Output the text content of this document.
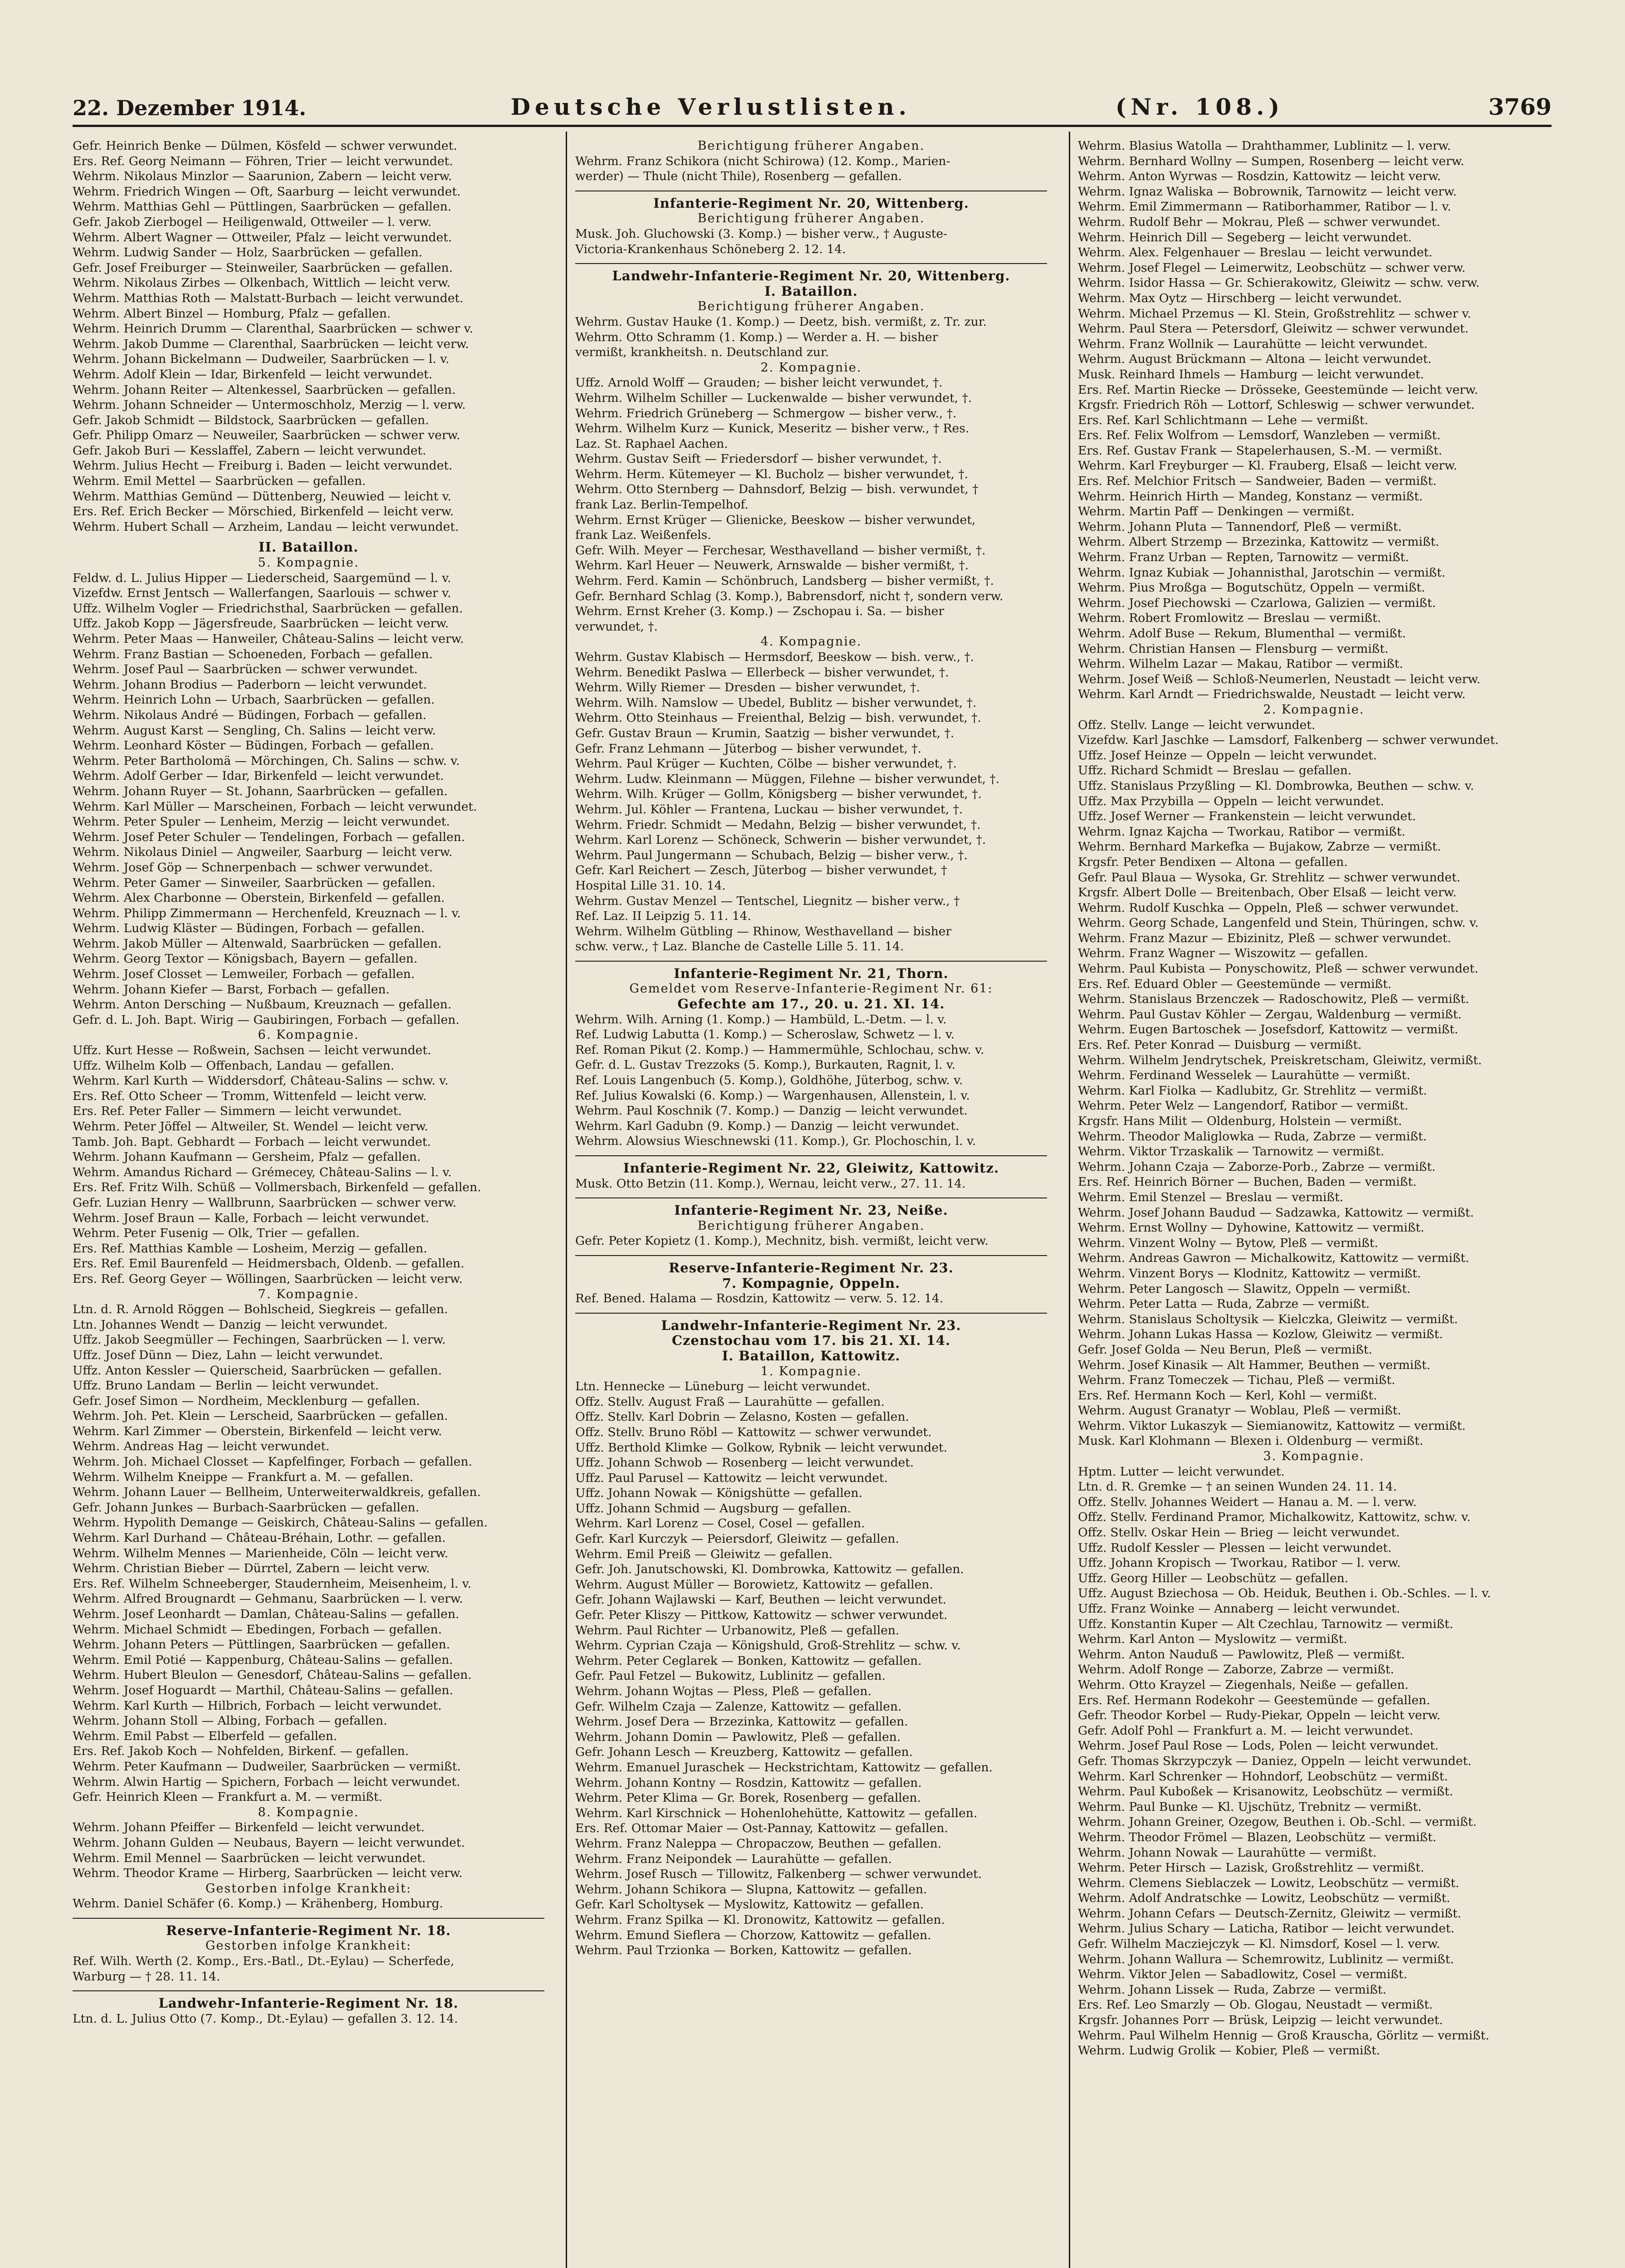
22. Dezember 1914.	Deutsche Verlustlisten.	(Nr. 108.)	3769
Gefr. Heinrich Benke — Dülmen, Kösfeld — schwer verwundet.
Ers. Ref. Georg Neimann — Föhren, Trier — leicht verwundet.
Wehrm. Nikolaus Minzlor — Saarunion, Zabern — leicht verw.
Wehrm. Friedrich Wingen — Oft, Saarburg — leicht verwundet.
Wehrm. Matthias Gehl — Püttlingen, Saarbrücken — gefallen.
Gefr. Jakob Zierbogel — Heiligenwald, Ottweiler — l. verw.
Wehrm. Albert Wagner — Ottweiler, Pfalz — leicht verwundet.
Wehrm. Ludwig Sander — Holz, Saarbrücken — gefallen.
Gefr. Josef Freiburger — Steinweiler, Saarbrücken — gefallen.
Wehrm. Nikolaus Zirbes — Olkenbach, Wittlich — leicht verw.
Wehrm. Matthias Roth — Malstatt-Burbach — leicht verwundet.
Wehrm. Albert Binzel — Homburg, Pfalz — gefallen.
Wehrm. Heinrich Drumm — Clarenthal, Saarbrücken — schwer v.
Wehrm. Jakob Dumme — Clarenthal, Saarbrücken — leicht verw.
Wehrm. Johann Bickelmann — Dudweiler, Saarbrücken — l. v.
Wehrm. Adolf Klein — Idar, Birkenfeld — leicht verwundet.
Wehrm. Johann Reiter — Altenkessel, Saarbrücken — gefallen.
Wehrm. Johann Schneider — Untermoschholz, Merzig — l. verw.
Gefr. Jakob Schmidt — Bildstock, Saarbrücken — gefallen.
Gefr. Philipp Omarz — Neuweiler, Saarbrücken — schwer verw.
Gefr. Jakob Buri — Kesslaffel, Zabern — leicht verwundet.
Wehrm. Julius Hecht — Freiburg i. Baden — leicht verwundet.
Wehrm. Emil Mettel — Saarbrücken — gefallen.
Wehrm. Matthias Gemünd — Düttenberg, Neuwied — leicht v.
Ers. Ref. Erich Becker — Mörschied, Birkenfeld — leicht verw.
Wehrm. Hubert Schall — Arzheim, Landau — leicht verwundet.
II. Bataillon.
5. Kompagnie.
Feldw. d. L. Julius Hipper — Liederscheid, Saargemünd — l. v.
Vizefdw. Ernst Jentsch — Wallerfangen, Saarlouis — schwer v.
Uffz. Wilhelm Vogler — Friedrichsthal, Saarbrücken — gefallen.
Uffz. Jakob Kopp — Jägersfreude, Saarbrücken — leicht verw.
Wehrm. Peter Maas — Hanweiler, Château-Salins — leicht verw.
Wehrm. Franz Bastian — Schoeneden, Forbach — gefallen.
Wehrm. Josef Paul — Saarbrücken — schwer verwundet.
Wehrm. Johann Brodius — Paderborn — leicht verwundet.
Wehrm. Heinrich Lohn — Urbach, Saarbrücken — gefallen.
Wehrm. Nikolaus André — Büdingen, Forbach — gefallen.
Wehrm. August Karst — Sengling, Ch. Salins — leicht verw.
Wehrm. Leonhard Köster — Büdingen, Forbach — gefallen.
Wehrm. Peter Bartholomä — Mörchingen, Ch. Salins — schw. v.
Wehrm. Adolf Gerber — Idar, Birkenfeld — leicht verwundet.
Wehrm. Johann Ruyer — St. Johann, Saarbrücken — gefallen.
Wehrm. Karl Müller — Marscheinen, Forbach — leicht verwundet.
Wehrm. Peter Spuler — Lenheim, Merzig — leicht verwundet.
Wehrm. Josef Peter Schuler — Tendelingen, Forbach — gefallen.
Wehrm. Nikolaus Diniel — Angweiler, Saarburg — leicht verw.
Wehrm. Josef Göp — Schnerpenbach — schwer verwundet.
Wehrm. Peter Gamer — Sinweiler, Saarbrücken — gefallen.
Wehrm. Alex Charbonne — Oberstein, Birkenfeld — gefallen.
Wehrm. Philipp Zimmermann — Herchenfeld, Kreuznach — l. v.
Wehrm. Ludwig Kläster — Büdingen, Forbach — gefallen.
Wehrm. Jakob Müller — Altenwald, Saarbrücken — gefallen.
Wehrm. Georg Textor — Königsbach, Bayern — gefallen.
Wehrm. Josef Closset — Lemweiler, Forbach — gefallen.
Wehrm. Johann Kiefer — Barst, Forbach — gefallen.
Wehrm. Anton Dersching — Nußbaum, Kreuznach — gefallen.
Gefr. d. L. Joh. Bapt. Wirig — Gaubiringen, Forbach — gefallen.
6. Kompagnie.
Uffz. Kurt Hesse — Roßwein, Sachsen — leicht verwundet.
Uffz. Wilhelm Kolb — Offenbach, Landau — gefallen.
Wehrm. Karl Kurth — Widdersdorf, Château-Salins — schw. v.
Ers. Ref. Otto Scheer — Tromm, Wittenfeld — leicht verw.
Ers. Ref. Peter Faller — Simmern — leicht verwundet.
Wehrm. Peter Jöffel — Altweiler, St. Wendel — leicht verw.
Tamb. Joh. Bapt. Gebhardt — Forbach — leicht verwundet.
Wehrm. Johann Kaufmann — Gersheim, Pfalz — gefallen.
Wehrm. Amandus Richard — Grémecey, Château-Salins — l. v.
Ers. Ref. Fritz Wilh. Schüß — Vollmersbach, Birkenfeld — gefallen.
Gefr. Luzian Henry — Wallbrunn, Saarbrücken — schwer verw.
Wehrm. Josef Braun — Kalle, Forbach — leicht verwundet.
Wehrm. Peter Fusenig — Olk, Trier — gefallen.
Ers. Ref. Matthias Kamble — Losheim, Merzig — gefallen.
Ers. Ref. Emil Baurenfeld — Heidmersbach, Oldenb. — gefallen.
Ers. Ref. Georg Geyer — Wöllingen, Saarbrücken — leicht verw.
7. Kompagnie.
Ltn. d. R. Arnold Röggen — Bohlscheid, Siegkreis — gefallen.
Ltn. Johannes Wendt — Danzig — leicht verwundet.
Uffz. Jakob Seegmüller — Fechingen, Saarbrücken — l. verw.
Uffz. Josef Dünn — Diez, Lahn — leicht verwundet.
Uffz. Anton Kessler — Quierscheid, Saarbrücken — gefallen.
Uffz. Bruno Landam — Berlin — leicht verwundet.
Gefr. Josef Simon — Nordheim, Mecklenburg — gefallen.
Wehrm. Joh. Pet. Klein — Lerscheid, Saarbrücken — gefallen.
Wehrm. Karl Zimmer — Oberstein, Birkenfeld — leicht verw.
Wehrm. Andreas Hag — leicht verwundet.
Wehrm. Joh. Michael Closset — Kapfelfinger, Forbach — gefallen.
Wehrm. Wilhelm Kneippe — Frankfurt a. M. — gefallen.
Wehrm. Johann Lauer — Bellheim, Unterweiterwaldkreis, gefallen.
Gefr. Johann Junkes — Burbach-Saarbrücken — gefallen.
Wehrm. Hypolith Demange — Geiskirch, Château-Salins — gefallen.
Wehrm. Karl Durhand — Château-Bréhain, Lothr. — gefallen.
Wehrm. Wilhelm Mennes — Marienheide, Cöln — leicht verw.
Wehrm. Christian Bieber — Dürrtel, Zabern — leicht verw.
Ers. Ref. Wilhelm Schneeberger, Staudernheim, Meisenheim, l. v.
Wehrm. Alfred Brougnardt — Gehmanu, Saarbrücken — l. verw.
Wehrm. Josef Leonhardt — Damlan, Château-Salins — gefallen.
Wehrm. Michael Schmidt — Ebedingen, Forbach — gefallen.
Wehrm. Johann Peters — Püttlingen, Saarbrücken — gefallen.
Wehrm. Emil Potié — Kappenburg, Château-Salins — gefallen.
Wehrm. Hubert Bleulon — Genesdorf, Château-Salins — gefallen.
Wehrm. Josef Hoguardt — Marthil, Château-Salins — gefallen.
Wehrm. Karl Kurth — Hilbrich, Forbach — leicht verwundet.
Wehrm. Johann Stoll — Albing, Forbach — gefallen.
Wehrm. Emil Pabst — Elberfeld — gefallen.
Ers. Ref. Jakob Koch — Nohfelden, Birkenf. — gefallen.
Wehrm. Peter Kaufmann — Dudweiler, Saarbrücken — vermißt.
Wehrm. Alwin Hartig — Spichern, Forbach — leicht verwundet.
Gefr. Heinrich Kleen — Frankfurt a. M. — vermißt.
8. Kompagnie.
Wehrm. Johann Pfeiffer — Birkenfeld — leicht verwundet.
Wehrm. Johann Gulden — Neubaus, Bayern — leicht verwundet.
Wehrm. Emil Mennel — Saarbrücken — leicht verwundet.
Wehrm. Theodor Krame — Hirberg, Saarbrücken — leicht verw.
Gestorben infolge Krankheit:
Wehrm. Daniel Schäfer (6. Komp.) — Krähenberg, Homburg.
Reserve-Infanterie-Regiment Nr. 18.
Gestorben infolge Krankheit:
Ref. Wilh. Werth (2. Komp., Ers.-Batl., Dt.-Eylau) — Scherfede,
Warburg — † 28. 11. 14.
Landwehr-Infanterie-Regiment Nr. 18.
Ltn. d. L. Julius Otto (7. Komp., Dt.-Eylau) — gefallen 3. 12. 14.
Berichtigung früherer Angaben.
Wehrm. Franz Schikora (nicht Schirowa) (12. Komp., Marien-
werder) — Thule (nicht Thile), Rosenberg — gefallen.
Infanterie-Regiment Nr. 20, Wittenberg.
Berichtigung früherer Angaben.
Musk. Joh. Gluchowski (3. Komp.) — bisher verw., † Auguste-
Victoria-Krankenhaus Schöneberg 2. 12. 14.
Landwehr-Infanterie-Regiment Nr. 20, Wittenberg.
I. Bataillon.
Berichtigung früherer Angaben.
Wehrm. Gustav Hauke (1. Komp.) — Deetz, bish. vermißt, z. Tr. zur.
Wehrm. Otto Schramm (1. Komp.) — Werder a. H. — bisher
vermißt, krankheitsh. n. Deutschland zur.
2. Kompagnie.
Uffz. Arnold Wolff — Grauden; — bisher leicht verwundet, †.
Wehrm. Wilhelm Schiller — Luckenwalde — bisher verwundet, †.
Wehrm. Friedrich Grüneberg — Schmergow — bisher verw., †.
Wehrm. Wilhelm Kurz — Kunick, Meseritz — bisher verw., † Res.
Laz. St. Raphael Aachen.
Wehrm. Gustav Seift — Friedersdorf — bisher verwundet, †.
Wehrm. Herm. Kütemeyer — Kl. Bucholz — bisher verwundet, †.
Wehrm. Otto Sternberg — Dahnsdorf, Belzig — bish. verwundet, †
frank Laz. Berlin-Tempelhof.
Wehrm. Ernst Krüger — Glienicke, Beeskow — bisher verwundet,
frank Laz. Weißenfels.
Gefr. Wilh. Meyer — Ferchesar, Westhavelland — bisher vermißt, †.
Wehrm. Karl Heuer — Neuwerk, Arnswalde — bisher vermißt, †.
Wehrm. Ferd. Kamin — Schönbruch, Landsberg — bisher vermißt, †.
Gefr. Bernhard Schlag (3. Komp.), Babrensdorf, nicht †, sondern verw.
Wehrm. Ernst Kreher (3. Komp.) — Zschopau i. Sa. — bisher
verwundet, †.
4. Kompagnie.
Wehrm. Gustav Klabisch — Hermsdorf, Beeskow — bish. verw., †.
Wehrm. Benedikt Paslwa — Ellerbeck — bisher verwundet, †.
Wehrm. Willy Riemer — Dresden — bisher verwundet, †.
Wehrm. Wilh. Namslow — Ubedel, Bublitz — bisher verwundet, †.
Wehrm. Otto Steinhaus — Freienthal, Belzig — bish. verwundet, †.
Gefr. Gustav Braun — Krumin, Saatzig — bisher verwundet, †.
Gefr. Franz Lehmann — Jüterbog — bisher verwundet, †.
Wehrm. Paul Krüger — Kuchten, Cölbe — bisher verwundet, †.
Wehrm. Ludw. Kleinmann — Müggen, Filehne — bisher verwundet, †.
Wehrm. Wilh. Krüger — Gollm, Königsberg — bisher verwundet, †.
Wehrm. Jul. Köhler — Frantena, Luckau — bisher verwundet, †.
Wehrm. Friedr. Schmidt — Medahn, Belzig — bisher verwundet, †.
Wehrm. Karl Lorenz — Schöneck, Schwerin — bisher verwundet, †.
Wehrm. Paul Jungermann — Schubach, Belzig — bisher verw., †.
Gefr. Karl Reichert — Zesch, Jüterbog — bisher verwundet, †
Hospital Lille 31. 10. 14.
Wehrm. Gustav Menzel — Tentschel, Liegnitz — bisher verw., †
Ref. Laz. II Leipzig 5. 11. 14.
Wehrm. Wilhelm Gütbling — Rhinow, Westhavelland — bisher
schw. verw., † Laz. Blanche de Castelle Lille 5. 11. 14.
Infanterie-Regiment Nr. 21, Thorn.
Gemeldet vom Reserve-Infanterie-Regiment Nr. 61:
Gefechte am 17., 20. u. 21. XI. 14.
Wehrm. Wilh. Arning (1. Komp.) — Hambüld, L.-Detm. — l. v.
Ref. Ludwig Labutta (1. Komp.) — Scheroslaw, Schwetz — l. v.
Ref. Roman Pikut (2. Komp.) — Hammermühle, Schlochau, schw. v.
Gefr. d. L. Gustav Trezzoks (5. Komp.), Burkauten, Ragnit, l. v.
Ref. Louis Langenbuch (5. Komp.), Goldhöhe, Jüterbog, schw. v.
Ref. Julius Kowalski (6. Komp.) — Wargenhausen, Allenstein, l. v.
Wehrm. Paul Koschnik (7. Komp.) — Danzig — leicht verwundet.
Wehrm. Karl Gadubn (9. Komp.) — Danzig — leicht verwundet.
Wehrm. Alowsius Wieschnewski (11. Komp.), Gr. Plochoschin, l. v.
Infanterie-Regiment Nr. 22, Gleiwitz, Kattowitz.
Musk. Otto Betzin (11. Komp.), Wernau, leicht verw., 27. 11. 14.
Infanterie-Regiment Nr. 23, Neiße.
Berichtigung früherer Angaben.
Gefr. Peter Kopietz (1. Komp.), Mechnitz, bish. vermißt, leicht verw.
Reserve-Infanterie-Regiment Nr. 23.
7. Kompagnie, Oppeln.
Ref. Bened. Halama — Rosdzin, Kattowitz — verw. 5. 12. 14.
Landwehr-Infanterie-Regiment Nr. 23.
Czenstochau vom 17. bis 21. XI. 14.
I. Bataillon, Kattowitz.
1. Kompagnie.
Ltn. Hennecke — Lüneburg — leicht verwundet.
Offz. Stellv. August Fraß — Laurahütte — gefallen.
Offz. Stellv. Karl Dobrin — Zelasno, Kosten — gefallen.
Offz. Stellv. Bruno Röbl — Kattowitz — schwer verwundet.
Uffz. Berthold Klimke — Golkow, Rybnik — leicht verwundet.
Uffz. Johann Schwob — Rosenberg — leicht verwundet.
Uffz. Paul Parusel — Kattowitz — leicht verwundet.
Uffz. Johann Nowak — Königshütte — gefallen.
Uffz. Johann Schmid — Augsburg — gefallen.
Wehrm. Karl Lorenz — Cosel, Cosel — gefallen.
Gefr. Karl Kurczyk — Peiersdorf, Gleiwitz — gefallen.
Wehrm. Emil Preiß — Gleiwitz — gefallen.
Gefr. Joh. Janutschowski, Kl. Dombrowka, Kattowitz — gefallen.
Wehrm. August Müller — Borowietz, Kattowitz — gefallen.
Gefr. Johann Wajlawski — Karf, Beuthen — leicht verwundet.
Gefr. Peter Kliszy — Pittkow, Kattowitz — schwer verwundet.
Wehrm. Paul Richter — Urbanowitz, Pleß — gefallen.
Wehrm. Cyprian Czaja — Königshuld, Groß-Strehlitz — schw. v.
Wehrm. Peter Ceglarek — Bonken, Kattowitz — gefallen.
Gefr. Paul Fetzel — Bukowitz, Lublinitz — gefallen.
Wehrm. Johann Wojtas — Pless, Pleß — gefallen.
Gefr. Wilhelm Czaja — Zalenze, Kattowitz — gefallen.
Wehrm. Josef Dera — Brzezinka, Kattowitz — gefallen.
Wehrm. Johann Domin — Pawlowitz, Pleß — gefallen.
Gefr. Johann Lesch — Kreuzberg, Kattowitz — gefallen.
Wehrm. Emanuel Juraschek — Heckstrichtam, Kattowitz — gefallen.
Wehrm. Johann Kontny — Rosdzin, Kattowitz — gefallen.
Wehrm. Peter Klima — Gr. Borek, Rosenberg — gefallen.
Wehrm. Karl Kirschnick — Hohenlohehütte, Kattowitz — gefallen.
Ers. Ref. Ottomar Maier — Ost-Pannay, Kattowitz — gefallen.
Wehrm. Franz Naleppa — Chropaczow, Beuthen — gefallen.
Wehrm. Franz Neipondek — Laurahütte — gefallen.
Wehrm. Josef Rusch — Tillowitz, Falkenberg — schwer verwundet.
Wehrm. Johann Schikora — Slupna, Kattowitz — gefallen.
Gefr. Karl Scholtysek — Myslowitz, Kattowitz — gefallen.
Wehrm. Franz Spilka — Kl. Dronowitz, Kattowitz — gefallen.
Wehrm. Emund Sieflera — Chorzow, Kattowitz — gefallen.
Wehrm. Paul Trzionka — Borken, Kattowitz — gefallen.
Wehrm. Blasius Watolla — Drahthammer, Lublinitz — l. verw.
Wehrm. Bernhard Wollny — Sumpen, Rosenberg — leicht verw.
Wehrm. Anton Wyrwas — Rosdzin, Kattowitz — leicht verw.
Wehrm. Ignaz Waliska — Bobrownik, Tarnowitz — leicht verw.
Wehrm. Emil Zimmermann — Ratiborhammer, Ratibor — l. v.
Wehrm. Rudolf Behr — Mokrau, Pleß — schwer verwundet.
Wehrm. Heinrich Dill — Segeberg — leicht verwundet.
Wehrm. Alex. Felgenhauer — Breslau — leicht verwundet.
Wehrm. Josef Flegel — Leimerwitz, Leobschütz — schwer verw.
Wehrm. Isidor Hassa — Gr. Schierakowitz, Gleiwitz — schw. verw.
Wehrm. Max Oytz — Hirschberg — leicht verwundet.
Wehrm. Michael Przemus — Kl. Stein, Großstrehlitz — schwer v.
Wehrm. Paul Stera — Petersdorf, Gleiwitz — schwer verwundet.
Wehrm. Franz Wollnik — Laurahütte — leicht verwundet.
Wehrm. August Brückmann — Altona — leicht verwundet.
Musk. Reinhard Ihmels — Hamburg — leicht verwundet.
Ers. Ref. Martin Riecke — Drösseke, Geestemünde — leicht verw.
Krgsfr. Friedrich Röh — Lottorf, Schleswig — schwer verwundet.
Ers. Ref. Karl Schlichtmann — Lehe — vermißt.
Ers. Ref. Felix Wolfrom — Lemsdorf, Wanzleben — vermißt.
Ers. Ref. Gustav Frank — Stapelerhausen, S.-M. — vermißt.
Wehrm. Karl Freyburger — Kl. Frauberg, Elsaß — leicht verw.
Ers. Ref. Melchior Fritsch — Sandweier, Baden — vermißt.
Wehrm. Heinrich Hirth — Mandeg, Konstanz — vermißt.
Wehrm. Martin Paff — Denkingen — vermißt.
Wehrm. Johann Pluta — Tannendorf, Pleß — vermißt.
Wehrm. Albert Strzemp — Brzezinka, Kattowitz — vermißt.
Wehrm. Franz Urban — Repten, Tarnowitz — vermißt.
Wehrm. Ignaz Kubiak — Johannisthal, Jarotschin — vermißt.
Wehrm. Pius Mroßga — Bogutschütz, Oppeln — vermißt.
Wehrm. Josef Piechowski — Czarlowa, Galizien — vermißt.
Wehrm. Robert Fromlowitz — Breslau — vermißt.
Wehrm. Adolf Buse — Rekum, Blumenthal — vermißt.
Wehrm. Christian Hansen — Flensburg — vermißt.
Wehrm. Wilhelm Lazar — Makau, Ratibor — vermißt.
Wehrm. Josef Weiß — Schloß-Neumerlen, Neustadt — leicht verw.
Wehrm. Karl Arndt — Friedrichswalde, Neustadt — leicht verw.
2. Kompagnie.
Offz. Stellv. Lange — leicht verwundet.
Vizefdw. Karl Jaschke — Lamsdorf, Falkenberg — schwer verwundet.
Uffz. Josef Heinze — Oppeln — leicht verwundet.
Uffz. Richard Schmidt — Breslau — gefallen.
Uffz. Stanislaus Przyßling — Kl. Dombrowka, Beuthen — schw. v.
Uffz. Max Przybilla — Oppeln — leicht verwundet.
Uffz. Josef Werner — Frankenstein — leicht verwundet.
Wehrm. Ignaz Kajcha — Tworkau, Ratibor — vermißt.
Wehrm. Bernhard Markefka — Bujakow, Zabrze — vermißt.
Krgsfr. Peter Bendixen — Altona — gefallen.
Gefr. Paul Blaua — Wysoka, Gr. Strehlitz — schwer verwundet.
Krgsfr. Albert Dolle — Breitenbach, Ober Elsaß — leicht verw.
Wehrm. Rudolf Kuschka — Oppeln, Pleß — schwer verwundet.
Wehrm. Georg Schade, Langenfeld und Stein, Thüringen, schw. v.
Wehrm. Franz Mazur — Ebizinitz, Pleß — schwer verwundet.
Wehrm. Franz Wagner — Wiszowitz — gefallen.
Wehrm. Paul Kubista — Ponyschowitz, Pleß — schwer verwundet.
Ers. Ref. Eduard Obler — Geestemünde — vermißt.
Wehrm. Stanislaus Brzenczek — Radoschowitz, Pleß — vermißt.
Wehrm. Paul Gustav Köhler — Zergau, Waldenburg — vermißt.
Wehrm. Eugen Bartoschek — Josefsdorf, Kattowitz — vermißt.
Ers. Ref. Peter Konrad — Duisburg — vermißt.
Wehrm. Wilhelm Jendrytschek, Preiskretscham, Gleiwitz, vermißt.
Wehrm. Ferdinand Wesselek — Laurahütte — vermißt.
Wehrm. Karl Fiolka — Kadlubitz, Gr. Strehlitz — vermißt.
Wehrm. Peter Welz — Langendorf, Ratibor — vermißt.
Krgsfr. Hans Milit — Oldenburg, Holstein — vermißt.
Wehrm. Theodor Maliglowka — Ruda, Zabrze — vermißt.
Wehrm. Viktor Trzaskalik — Tarnowitz — vermißt.
Wehrm. Johann Czaja — Zaborze-Porb., Zabrze — vermißt.
Ers. Ref. Heinrich Börner — Buchen, Baden — vermißt.
Wehrm. Emil Stenzel — Breslau — vermißt.
Wehrm. Josef Johann Baudud — Sadzawka, Kattowitz — vermißt.
Wehrm. Ernst Wollny — Dyhowine, Kattowitz — vermißt.
Wehrm. Vinzent Wolny — Bytow, Pleß — vermißt.
Wehrm. Andreas Gawron — Michalkowitz, Kattowitz — vermißt.
Wehrm. Vinzent Borys — Klodnitz, Kattowitz — vermißt.
Wehrm. Peter Langosch — Slawitz, Oppeln — vermißt.
Wehrm. Peter Latta — Ruda, Zabrze — vermißt.
Wehrm. Stanislaus Scholtysik — Kielczka, Gleiwitz — vermißt.
Wehrm. Johann Lukas Hassa — Kozlow, Gleiwitz — vermißt.
Gefr. Josef Golda — Neu Berun, Pleß — vermißt.
Wehrm. Josef Kinasik — Alt Hammer, Beuthen — vermißt.
Wehrm. Franz Tomeczek — Tichau, Pleß — vermißt.
Ers. Ref. Hermann Koch — Kerl, Kohl — vermißt.
Wehrm. August Granatyr — Woblau, Pleß — vermißt.
Wehrm. Viktor Lukaszyk — Siemianowitz, Kattowitz — vermißt.
Musk. Karl Klohmann — Blexen i. Oldenburg — vermißt.
3. Kompagnie.
Hptm. Lutter — leicht verwundet.
Ltn. d. R. Gremke — † an seinen Wunden 24. 11. 14.
Offz. Stellv. Johannes Weidert — Hanau a. M. — l. verw.
Offz. Stellv. Ferdinand Pramor, Michalkowitz, Kattowitz, schw. v.
Offz. Stellv. Oskar Hein — Brieg — leicht verwundet.
Uffz. Rudolf Kessler — Plessen — leicht verwundet.
Uffz. Johann Kropisch — Tworkau, Ratibor — l. verw.
Uffz. Georg Hiller — Leobschütz — gefallen.
Uffz. August Bziechosa — Ob. Heiduk, Beuthen i. Ob.-Schles. — l. v.
Uffz. Franz Woinke — Annaberg — leicht verwundet.
Uffz. Konstantin Kuper — Alt Czechlau, Tarnowitz — vermißt.
Wehrm. Karl Anton — Myslowitz — vermißt.
Wehrm. Anton Nauduß — Pawlowitz, Pleß — vermißt.
Wehrm. Adolf Ronge — Zaborze, Zabrze — vermißt.
Wehrm. Otto Krayzel — Ziegenhals, Neiße — gefallen.
Ers. Ref. Hermann Rodekohr — Geestemünde — gefallen.
Gefr. Theodor Korbel — Rudy-Piekar, Oppeln — leicht verw.
Gefr. Adolf Pohl — Frankfurt a. M. — leicht verwundet.
Wehrm. Josef Paul Rose — Lods, Polen — leicht verwundet.
Gefr. Thomas Skrzypczyk — Daniez, Oppeln — leicht verwundet.
Wehrm. Karl Schrenker — Hohndorf, Leobschütz — vermißt.
Wehrm. Paul Kuboßek — Krisanowitz, Leobschütz — vermißt.
Wehrm. Paul Bunke — Kl. Ujschütz, Trebnitz — vermißt.
Wehrm. Johann Greiner, Ozegow, Beuthen i. Ob.-Schl. — vermißt.
Wehrm. Theodor Frömel — Blazen, Leobschütz — vermißt.
Wehrm. Johann Nowak — Laurahütte — vermißt.
Wehrm. Peter Hirsch — Lazisk, Großstrehlitz — vermißt.
Wehrm. Clemens Sieblaczek — Lowitz, Leobschütz — vermißt.
Wehrm. Adolf Andratschke — Lowitz, Leobschütz — vermißt.
Wehrm. Johann Cefars — Deutsch-Zernitz, Gleiwitz — vermißt.
Wehrm. Julius Schary — Laticha, Ratibor — leicht verwundet.
Gefr. Wilhelm Macziejczyk — Kl. Nimsdorf, Kosel — l. verw.
Wehrm. Johann Wallura — Schemrowitz, Lublinitz — vermißt.
Wehrm. Viktor Jelen — Sabadlowitz, Cosel — vermißt.
Wehrm. Johann Lissek — Ruda, Zabrze — vermißt.
Ers. Ref. Leo Smarzly — Ob. Glogau, Neustadt — vermißt.
Krgsfr. Johannes Porr — Brüsk, Leipzig — leicht verwundet.
Wehrm. Paul Wilhelm Hennig — Groß Krauscha, Görlitz — vermißt.
Wehrm. Ludwig Grolik — Kobier, Pleß — vermißt.
